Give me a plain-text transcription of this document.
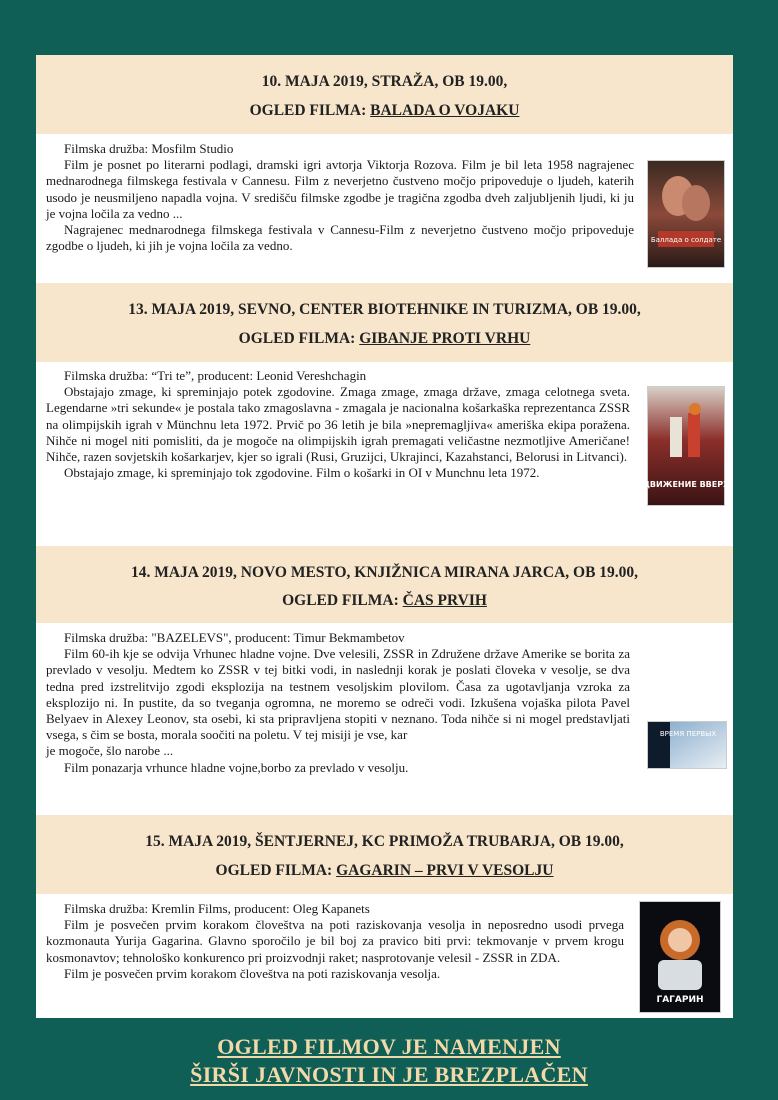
10. MAJA 2019, STRAŽA, OB 19.00,
OGLED FILMA: BALADA O VOJAKU

Filmska družba: Mosfilm Studio

Film je posnet po literarni podlagi, dramski igri avtorja Viktorja Rozova. Film je bil leta 1958 nagrajenec mednarodnega filmskega festivala v Cannesu. Film z neverjetno čustveno močjo pripoveduje o ljudeh, katerih usodo je neusmiljeno napadla vojna. V središču filmske zgodbe je tragična zgodba dveh zaljubljenih ljudi, ki ju je vojna ločila za vedno ...

Nagrajenec mednarodnega filmskega festivala v Cannesu-Film z neverjetno čustveno močjo pripoveduje zgodbe o ljudeh, ki jih je vojna ločila za vedno.	Баллада о солдате
13. MAJA 2019, SEVNO, CENTER BIOTEHNIKE IN TURIZMA, OB 19.00,
OGLED FILMA: GIBANJE PROTI VRHU

Filmska družba: “Tri te”, producent: Leonid Vereshchagin

Obstajajo zmage, ki spreminjajo potek zgodovine. Zmaga zmage, zmaga države, zmaga celotnega sveta. Legendarne »tri sekunde« je postala tako zmagoslavna - zmagala je nacionalna košarkaška reprezentanca ZSSR na olimpijskih igrah v Münchnu leta 1972. Prvič po 36 letih je bila »nepremagljiva« ameriška ekipa poražena. Nihče ni mogel niti pomisliti, da je mogoče na olimpijskih igrah premagati veličastne nezmotljive Američane! Nihče, razen sovjetskih košarkarjev, kjer so igrali (Rusi, Gruzijci, Ukrajinci, Kazahstanci, Belorusi in Litvanci).

Obstajajo zmage, ki spreminjajo tok zgodovine. Film o košarki in OI v Munchnu leta 1972.

ДВИЖЕНИЕ ВВЕРХ
14. MAJA 2019, NOVO MESTO, KNJIŽNICA MIRANA JARCA, OB 19.00,
OGLED FILMA: ČAS PRVIH

Filmska družba: "BAZELEVS", producent: Timur Bekmambetov

Film 60-ih kje se odvija Vrhunec hladne vojne. Dve velesili, ZSSR in Združene države Amerike se borita za prevlado v vesolju. Medtem ko ZSSR v tej bitki vodi, in naslednji korak je poslati človeka v vesolje, se dva tedna pred izstrelitvijo zgodi eksplozija na testnem vesoljskim plovilom. Časa za ugotavljanja vzroka za eksplozijo ni. In pustite, da so tveganja ogromna, ne moremo se odreči vodi. Izkušena vojaška pilota Pavel Belyaev in Alexey Leonov, sta osebi, ki sta pripravljena stopiti v neznano. Toda nihče si ni mogel predstavljati vsega, s čim se bosta, morala soočiti na poletu. V tej misiji je vse, kar

je mogoče, šlo narobe ...

Film ponazarja vrhunce hladne vojne,borbo za prevlado v vesolju.

ВРЕМЯ ПЕРВЫХ
15. MAJA 2019, ŠENTJERNEJ, KC PRIMOŽA TRUBARJA, OB 19.00,
OGLED FILMA: GAGARIN – PRVI V VESOLJU

Filmska družba: Kremlin Films, producent: Oleg Kapanets

Film je posvečen prvim korakom človeštva na poti raziskovanja vesolja in neposredno usodi prvega kozmonauta Yurija Gagarina. Glavno sporočilo je bil boj za pravico biti prvi: tekmovanje v prvem krogu kosmonavtov; tehnološko konkurenco pri proizvodnji raket; nasprotovanje velesil - ZSSR in ZDA.

Film je posvečen prvim korakom človeštva na poti raziskovanja vesolja.

ГАГАРИН
OGLED FILMOV JE NAMENJEN
ŠIRŠI JAVNOSTI IN JE BREZPLAČEN
